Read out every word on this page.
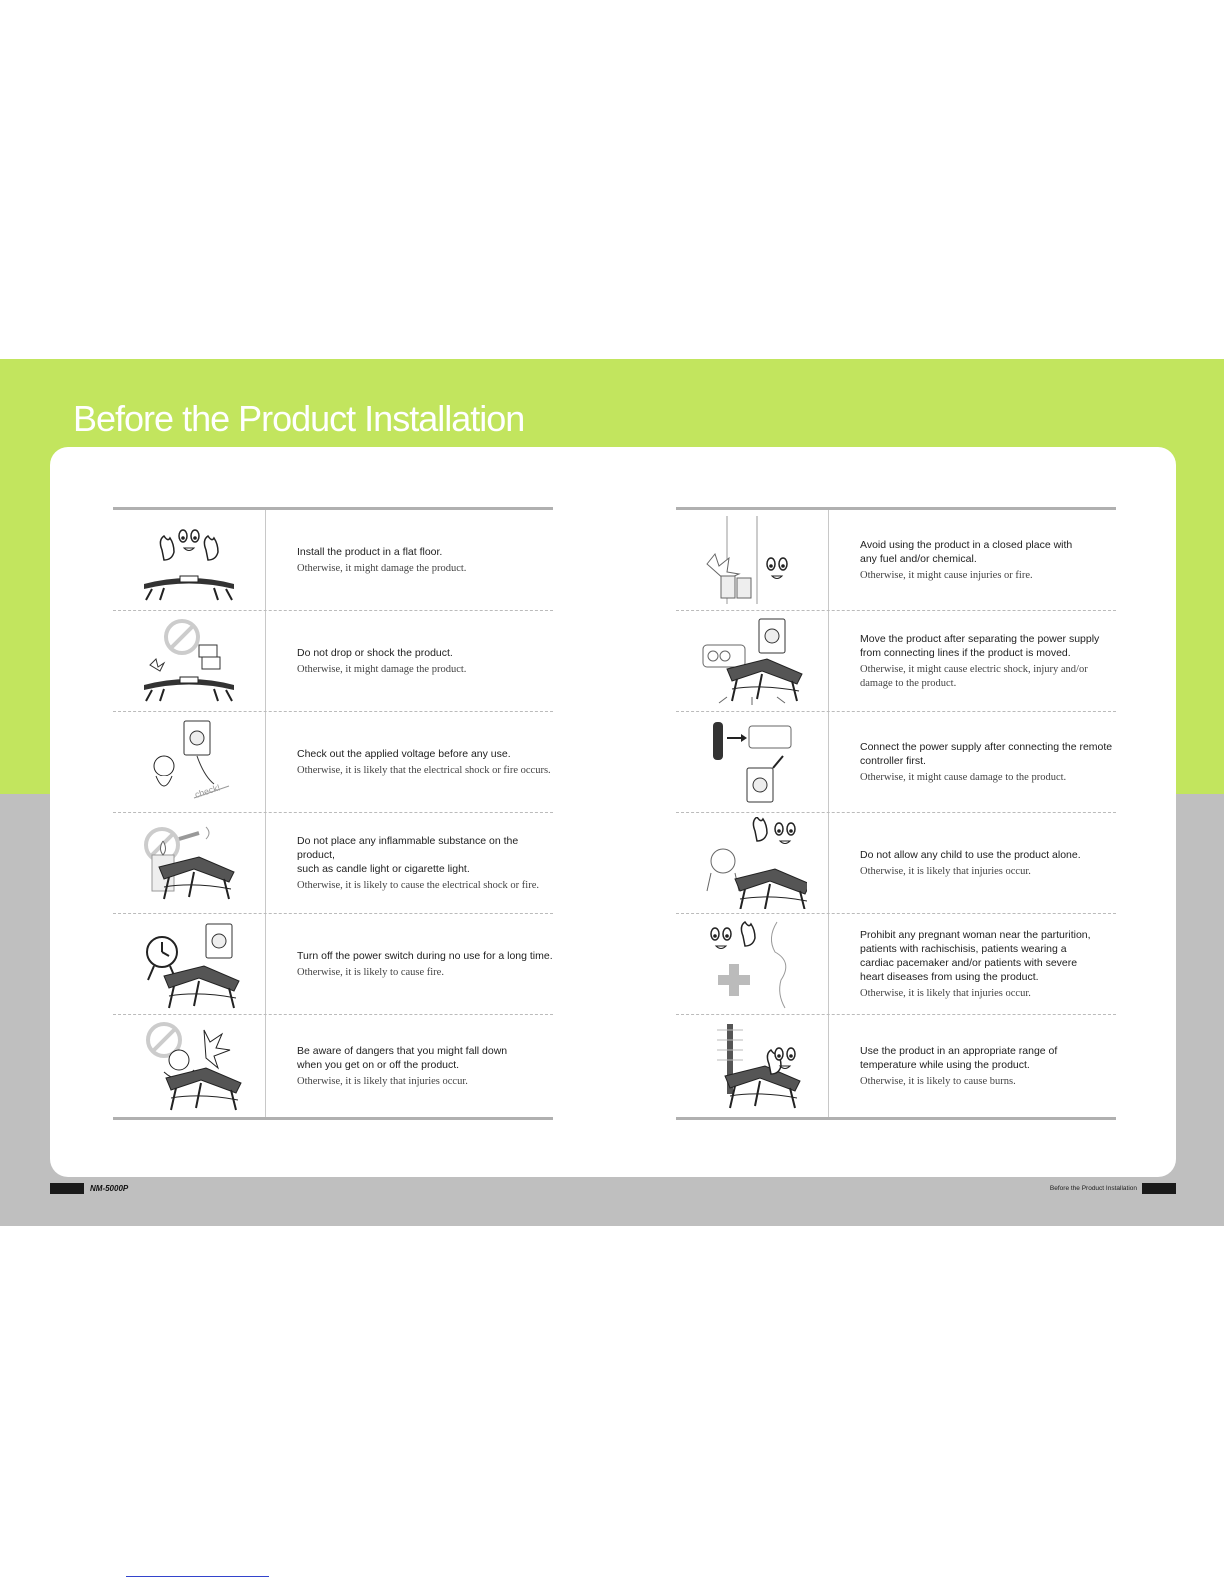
Before the Product Installation
Install the product in a flat floor.
Otherwise, it might damage the product.
Do not drop or shock the product.
Otherwise, it might damage the product.
check!
Check out the applied voltage before any use.
Otherwise, it is likely that the electrical shock or fire occurs.
Do not place any inflammable substance on the product,
such as candle light or cigarette light.
Otherwise, it is likely to cause the electrical shock or fire.
Turn off the power switch during no use for a long time.
Otherwise, it is likely to cause fire.
Be aware of dangers that you might fall down
when you get on or off the product.
Otherwise, it is likely that injuries occur.
Avoid using the product in a closed place with
any fuel and/or chemical.
Otherwise, it might cause injuries or fire.
Move the product after separating the power supply
from connecting lines if the product is moved.
Otherwise, it might cause electric shock, injury and/or
damage to the product.
Connect the power supply after connecting the remote
controller first.
Otherwise, it might cause damage to the product.
Do not allow any child to use the product alone.
Otherwise, it is likely that injuries occur.
Prohibit any pregnant woman near the parturition,
patients with rachischisis, patients wearing a
cardiac pacemaker and/or patients with severe
heart diseases from using the product.
Otherwise, it is likely that injuries occur.
Use the product in an appropriate range of
temperature while using the product.
Otherwise, it is likely to cause burns.
NM-5000P	Before the Product Installation
